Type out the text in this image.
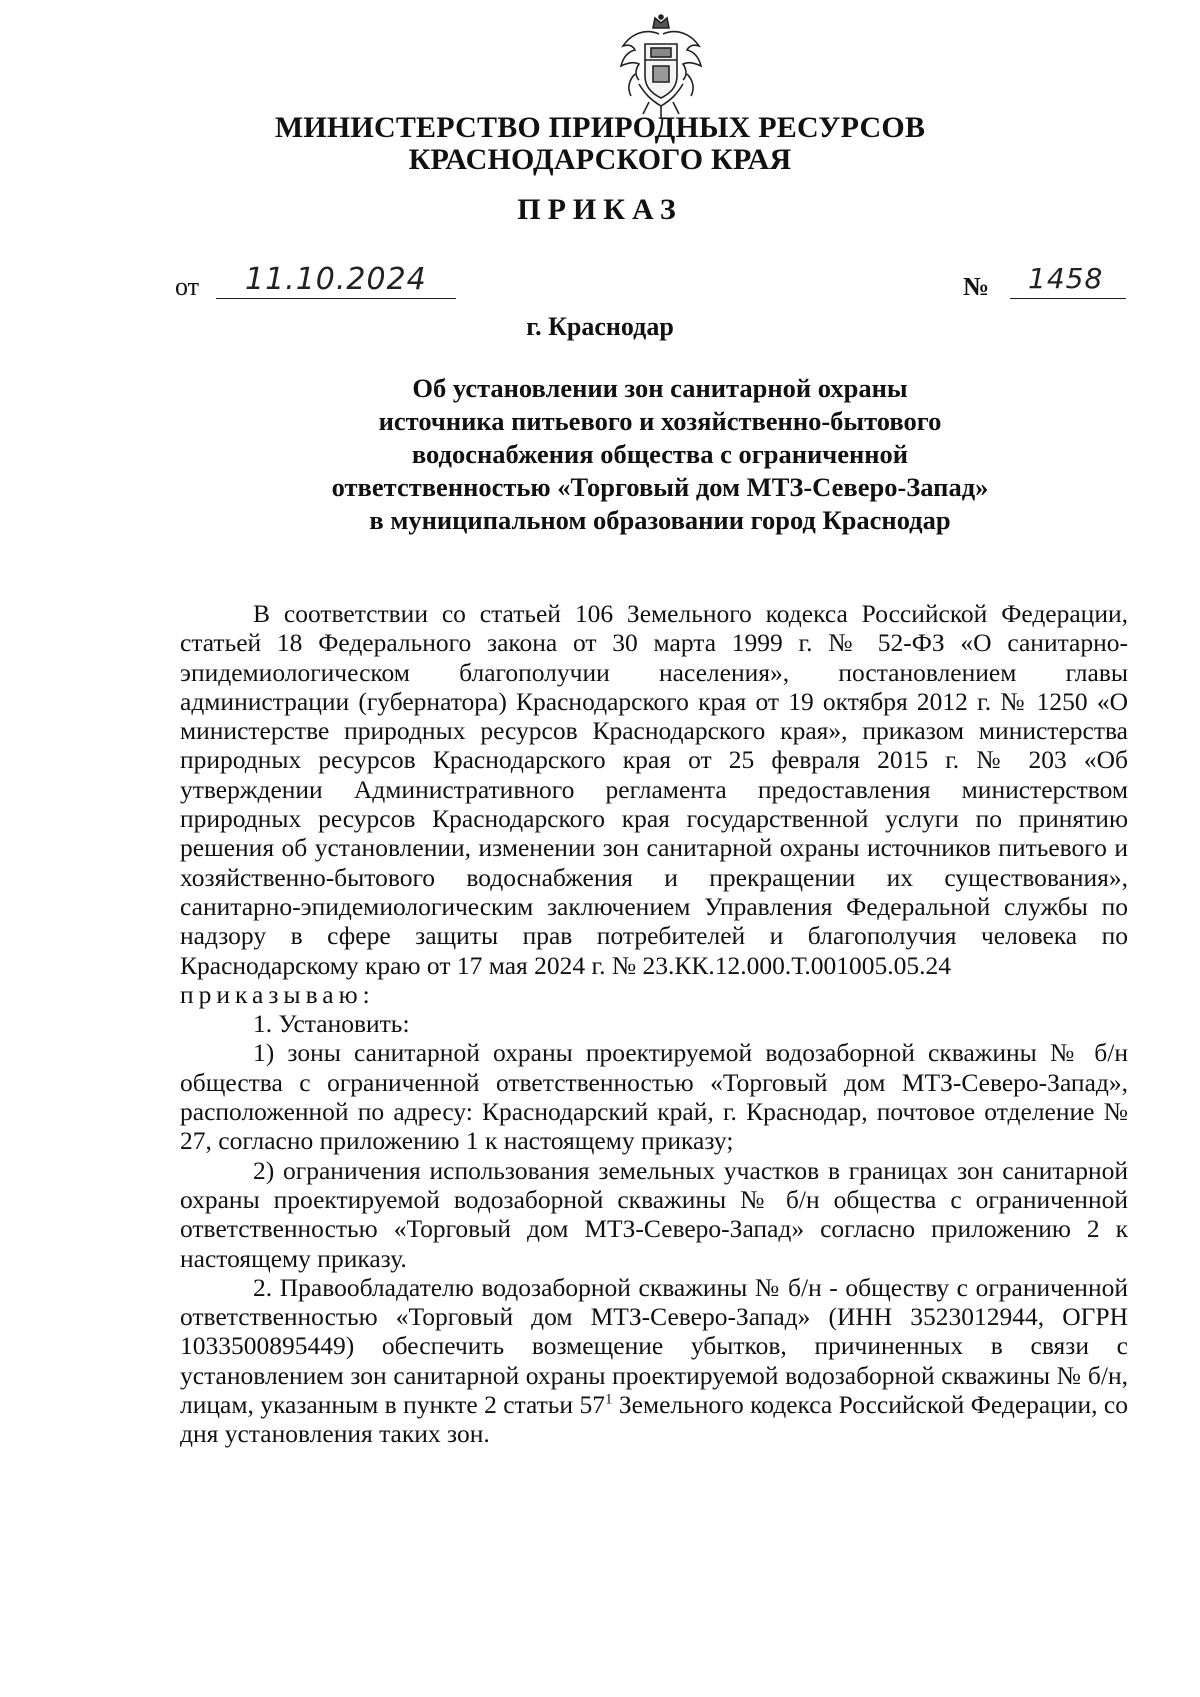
МИНИСТЕРСТВО ПРИРОДНЫХ РЕСУРСОВ
КРАСНОДАРСКОГО КРАЯ
ПРИКАЗ
от 11.10.2024	№ 1458
г. Краснодар
Об установлении зон санитарной охраны
источника питьевого и хозяйственно-бытового
водоснабжения общества с ограниченной
ответственностью «Торговый дом МТЗ-Северо-Запад»
в муниципальном образовании город Краснодар

В соответствии со статьей 106 Земельного кодекса Российской Федерации, статьей 18 Федерального закона от 30 марта 1999 г. № 52-ФЗ «О санитарно-эпидемиологическом благополучии населения», постановлением главы администрации (губернатора) Краснодарского края от 19 октября 2012 г. № 1250 «О министерстве природных ресурсов Краснодарского края», приказом министерства природных ресурсов Краснодарского края от 25 февраля 2015 г. № 203 «Об утверждении Административного регламента предоставления министерством природных ресурсов Краснодарского края государственной услуги по принятию решения об установлении, изменении зон санитарной охраны источников питьевого и хозяйственно-бытового водоснабжения и прекращении их существования», санитарно-эпидемиологическим заключением Управления Федеральной службы по надзору в сфере защиты прав потребителей и благополучия человека по Краснодарскому краю от 17 мая 2024 г. № 23.КК.12.000.Т.001005.05.24

приказываю:

1. Установить:

1) зоны санитарной охраны проектируемой водозаборной скважины № б/н общества с ограниченной ответственностью «Торговый дом МТЗ-Северо-Запад», расположенной по адресу: Краснодарский край, г. Краснодар, почтовое отделение № 27, согласно приложению 1 к настоящему приказу;

2) ограничения использования земельных участков в границах зон санитарной охраны проектируемой водозаборной скважины № б/н общества с ограниченной ответственностью «Торговый дом МТЗ-Северо-Запад» согласно приложению 2 к настоящему приказу.

2. Правообладателю водозаборной скважины № б/н - обществу с ограниченной ответственностью «Торговый дом МТЗ-Северо-Запад» (ИНН 3523012944, ОГРН 1033500895449) обеспечить возмещение убытков, причиненных в связи с установлением зон санитарной охраны проектируемой водозаборной скважины № б/н, лицам, указанным в пункте 2 статьи $57^1$ Земельного кодекса Российской Федерации, со дня установления таких зон.
